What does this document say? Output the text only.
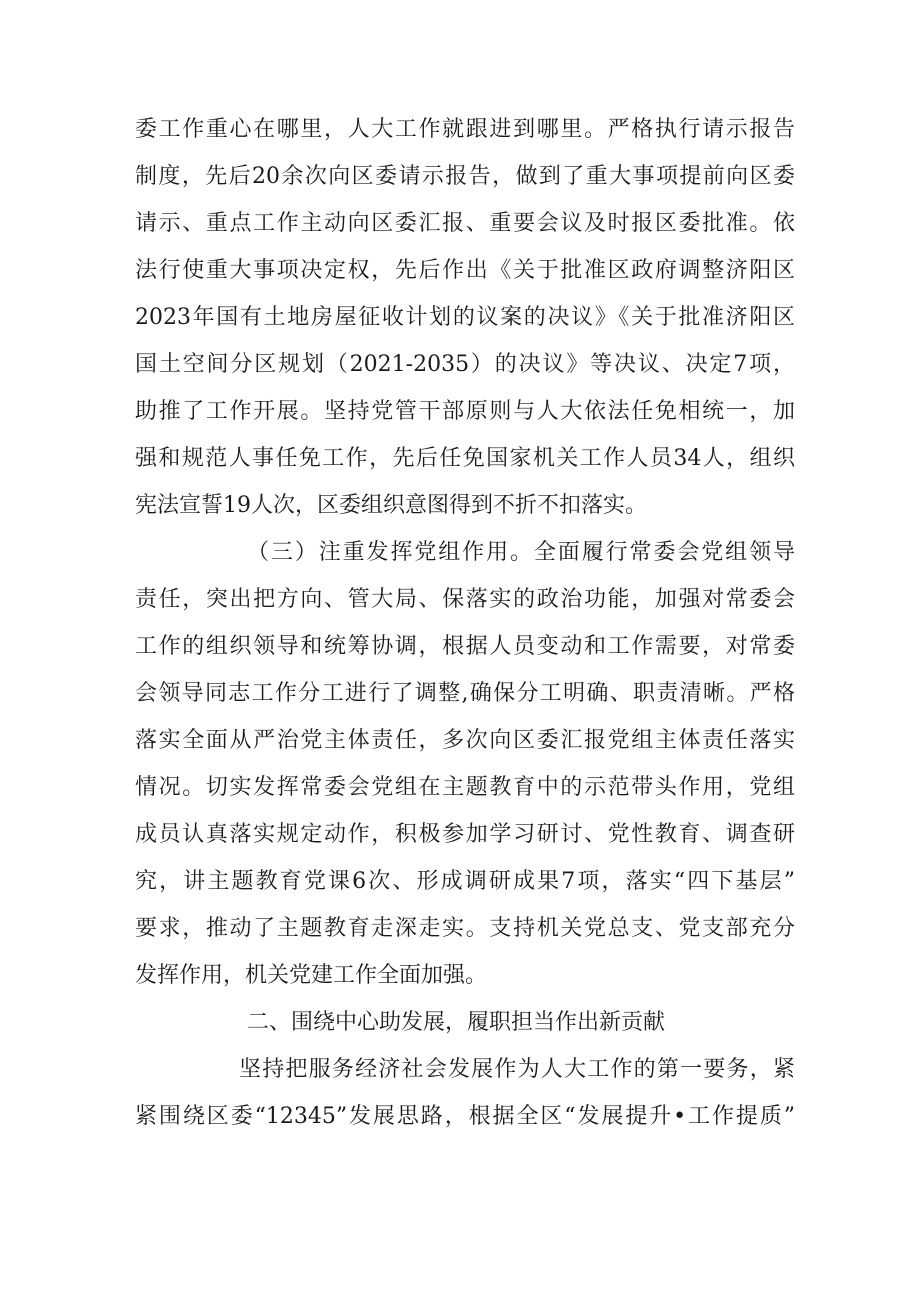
委工作重心在哪里，人大工作就跟进到哪里。严格执行请示报告
制度，先后20余次向区委请示报告，做到了重大事项提前向区委
请示、重点工作主动向区委汇报、重要会议及时报区委批准。依
法行使重大事项决定权，先后作出《关于批准区政府调整济阳区
2023年国有土地房屋征收计划的议案的决议》《关于批准济阳区
国土空间分区规划（2021-2035）的决议》等决议、决定7项，
助推了工作开展。坚持党管干部原则与人大依法任免相统一，加
强和规范人事任免工作，先后任免国家机关工作人员34人，组织
宪法宣誓19人次，区委组织意图得到不折不扣落实。
（三）注重发挥党组作用。全面履行常委会党组领导
责任，突出把方向、管大局、保落实的政治功能，加强对常委会
工作的组织领导和统筹协调，根据人员变动和工作需要，对常委
会领导同志工作分工进行了调整,确保分工明确、职责清晰。严格
落实全面从严治党主体责任，多次向区委汇报党组主体责任落实
情况。切实发挥常委会党组在主题教育中的示范带头作用，党组
成员认真落实规定动作，积极参加学习研讨、党性教育、调查研
究，讲主题教育党课6次、形成调研成果7项，落实“四下基层”
要求，推动了主题教育走深走实。支持机关党总支、党支部充分
发挥作用，机关党建工作全面加强。
二、围绕中心助发展，履职担当作出新贡献
坚持把服务经济社会发展作为人大工作的第一要务，紧
紧围绕区委“12345”发展思路，根据全区“发展提升•工作提质”
